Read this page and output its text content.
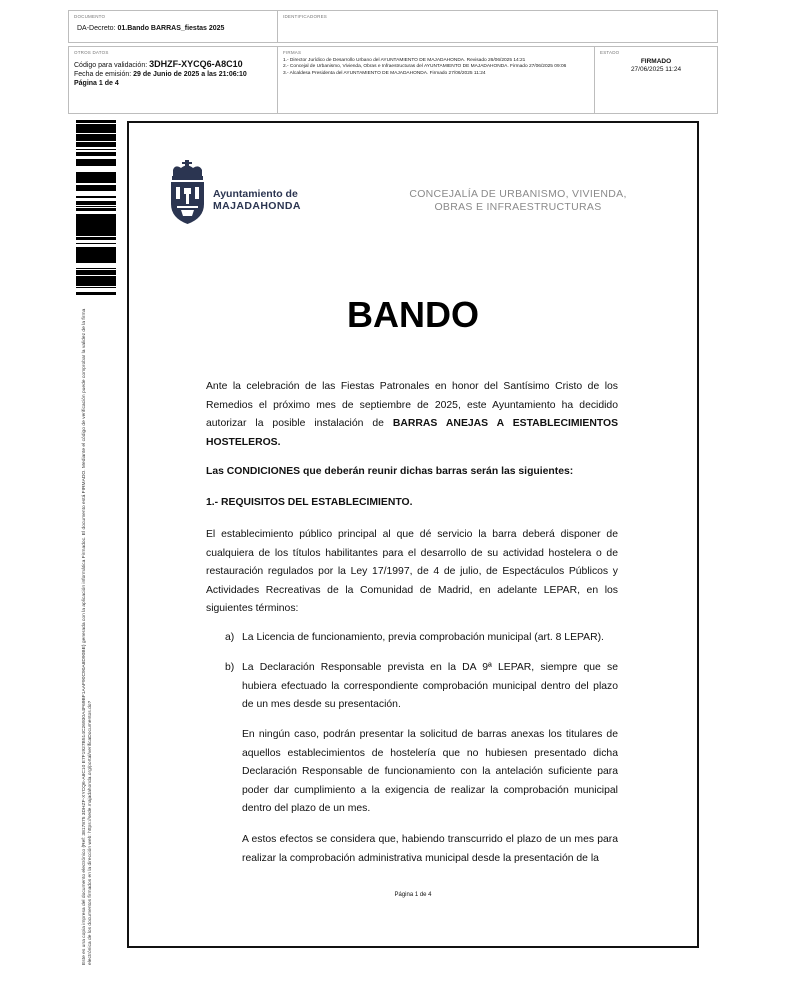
DOCUMENTO
DA-Decreto: 01.Bando BARRAS_fiestas 2025
IDENTIFICADORES
OTROS DATOS
Código para validación: 3DHZF-XYCQ6-A8C10
Fecha de emisión: 29 de Junio de 2025 a las 21:06:10
Página 1 de 4
FIRMAS
1.- Director Jurídico de Desarrollo Urbano del AYUNTAMIENTO DE MAJADAHONDA. Revisado 26/06/2025 14:21
2.- Concejal de Urbanismo, Vivienda, Obras e Infraestructuras del AYUNTAMIENTO DE MAJADAHONDA. Firmado 27/06/2025 09:06
3.- Alcaldesa Presidenta del AYUNTAMIENTO DE MAJADAHONDA. Firmado 27/06/2025 11:24
ESTADO
FIRMADO
27/06/2025 11:24
Este es una copia impresa del documento electrónico (Ref: 3817875 3DHZF-XYCQ6-A8C10 E7F1927B514C26930A4F69BF1AAF90C90A8D90BE) generada con la aplicación informática Firmadoc. El documento está FIRMADO. Mediante el código de verificación puede comprobar la validez de la firma electrónica de los documentos firmados en la dirección web: https://sede.majadahonda.org/portal/verificaDocumentos.do?
Ayuntamiento de
MAJADAHONDA
CONCEJALÍA DE URBANISMO, VIVIENDA,
OBRAS E INFRAESTRUCTURAS
BANDO
Ante la celebración de las Fiestas Patronales en honor del Santísimo Cristo de los Remedios el próximo mes de septiembre de 2025, este Ayuntamiento ha decidido autorizar la posible instalación de BARRAS ANEJAS A ESTABLECIMIENTOS HOSTELEROS.
Las CONDICIONES que deberán reunir dichas barras serán las siguientes:
1.- REQUISITOS DEL ESTABLECIMIENTO.
El establecimiento público principal al que dé servicio la barra deberá disponer de cualquiera de los títulos habilitantes para el desarrollo de su actividad hostelera o de restauración regulados por la Ley 17/1997, de 4 de julio, de Espectáculos Públicos y Actividades Recreativas de la Comunidad de Madrid, en adelante LEPAR, en los siguientes términos:
a) La Licencia de funcionamiento, previa comprobación municipal (art. 8 LEPAR).
b) La Declaración Responsable prevista en la DA 9ª LEPAR, siempre que se hubiera efectuado la correspondiente comprobación municipal dentro del plazo de un mes desde su presentación.
En ningún caso, podrán presentar la solicitud de barras anexas los titulares de aquellos establecimientos de hostelería que no hubiesen presentado dicha Declaración Responsable de funcionamiento con la antelación suficiente para poder dar cumplimiento a la exigencia de realizar la comprobación municipal dentro del plazo de un mes.
A estos efectos se considera que, habiendo transcurrido el plazo de un mes para realizar la comprobación administrativa municipal desde la presentación de la
Página 1 de 4
